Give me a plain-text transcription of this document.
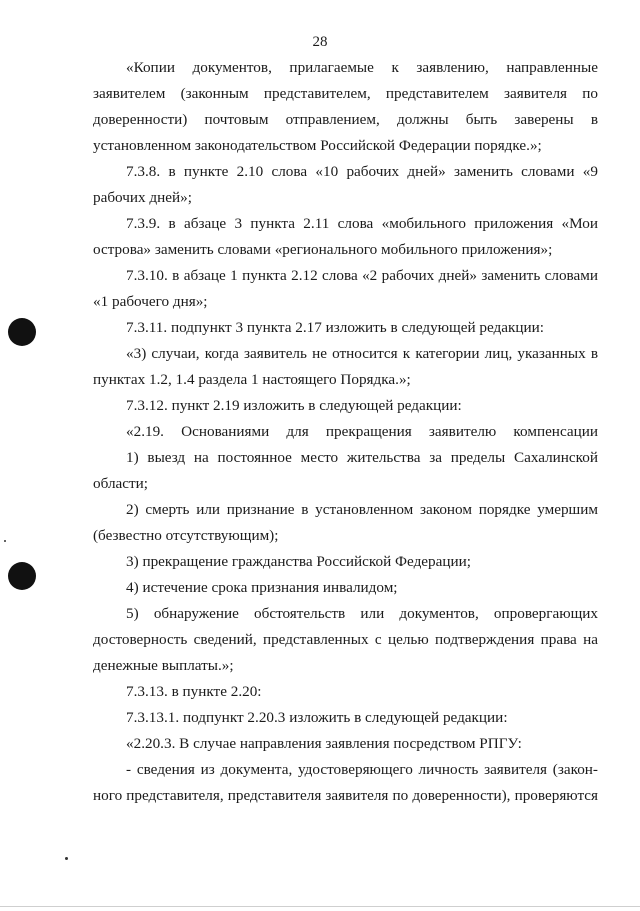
28
«Копии документов, прилагаемые к заявлению, направленные
заявителем (законным представителем, представителем заявителя по
доверенности) почтовым отправлением, должны быть заверены в
установленном законодательством Российской Федерации порядке.»;
7.3.8. в пункте 2.10 слова «10 рабочих дней» заменить словами «9
рабочих дней»;
7.3.9. в абзаце 3 пункта 2.11 слова «мобильного приложения «Мои
острова» заменить словами «регионального мобильного приложения»;
7.3.10. в абзаце 1 пункта 2.12 слова «2 рабочих дней» заменить словами
«1 рабочего дня»;
7.3.11. подпункт 3 пункта 2.17 изложить в следующей редакции:
«3) случаи, когда заявитель не относится к категории лиц, указанных в
пунктах 1.2, 1.4 раздела 1 настоящего Порядка.»;
7.3.12. пункт 2.19 изложить в следующей редакции:
«2.19. Основаниями для прекращения заявителю компенсации
1) выезд на постоянное место жительства за пределы Сахалинской
области;
2) смерть или признание в установленном законом порядке умершим
(безвестно отсутствующим);
3) прекращение гражданства Российской Федерации;
4) истечение срока признания инвалидом;
5) обнаружение обстоятельств или документов, опровергающих
достоверность сведений, представленных с целью подтверждения права на
денежные выплаты.»;
7.3.13. в пункте 2.20:
7.3.13.1. подпункт 2.20.3 изложить в следующей редакции:
«2.20.3. В случае направления заявления посредством РПГУ:
- сведения из документа, удостоверяющего личность заявителя (закон-
ного представителя, представителя заявителя по доверенности), проверяются
